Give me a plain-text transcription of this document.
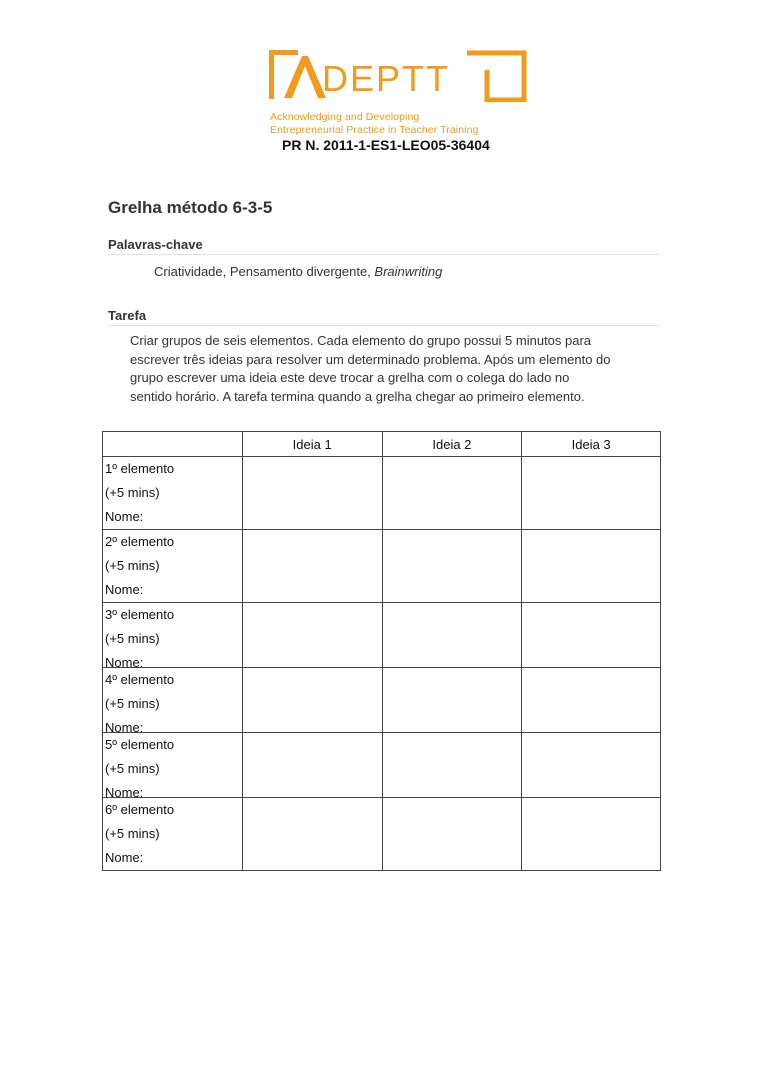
DEPTT
Acknowledging and Developing
Entrepreneurial Practice in Teacher Training
PR N. 2011-1-ES1-LEO05-36404
Grelha método 6-3-5
Palavras-chave
Criatividade, Pensamento divergente, Brainwriting
Tarefa

Criar grupos de seis elementos. Cada elemento do grupo possui 5 minutos para

escrever três ideias para resolver um determinado problema. Após um elemento do

grupo escrever uma ideia este deve trocar a grelha com o colega do lado no

sentido horário. A tarefa termina quando a grelha chegar ao primeiro elemento.

	Ideia 1	Ideia 2	Ideia 3

1º elemento
(+5 mins)
Nome:			

2º elemento
(+5 mins)
Nome:			

3º elemento
(+5 mins)
Nome:			

4º elemento
(+5 mins)
Nome:			

5º elemento
(+5 mins)
Nome:			

6º elemento
(+5 mins)
Nome:			
